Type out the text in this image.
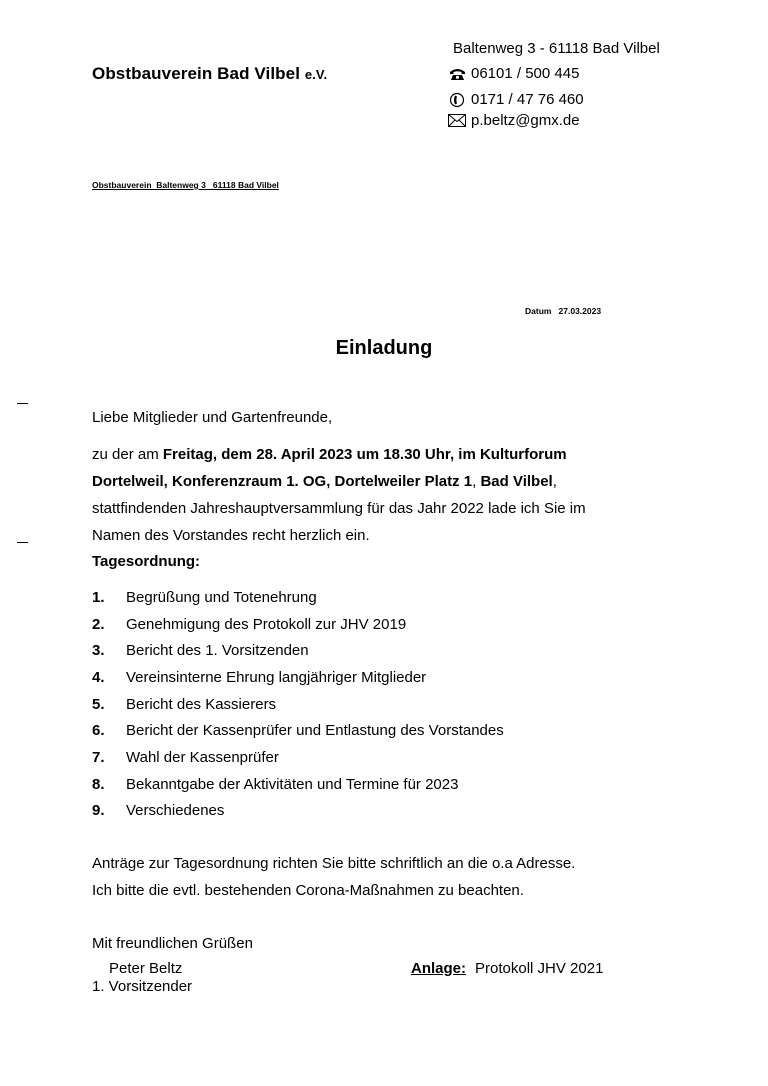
Obstbauverein Bad Vilbel e.V.
Baltenweg 3 - 61118 Bad Vilbel
06101 / 500 445
0171 / 47 76 460
p.beltz@gmx.de
Obstbauverein  Baltenweg 3   61118 Bad Vilbel
Datum   27.03.2023
Einladung
Liebe Mitglieder und Gartenfreunde,
zu der am Freitag, dem 28. April 2023 um 18.30 Uhr, im Kulturforum Dortelweil, Konferenzraum 1. OG, Dortelweiler Platz 1, Bad Vilbel, stattfindenden Jahreshauptversammlung für das Jahr 2022 lade ich Sie im Namen des Vorstandes recht herzlich ein.
Tagesordnung:
1.	Begrüßung und Totenehrung
2.	Genehmigung des Protokoll zur JHV 2019
3.	Bericht des 1. Vorsitzenden
4.	Vereinsinterne Ehrung langjähriger Mitglieder
5.	Bericht des Kassierers
6.	Bericht der Kassenprüfer und Entlastung des Vorstandes
7.	Wahl der Kassenprüfer
8.	Bekanntgabe der Aktivitäten und Termine für 2023
9.	Verschiedenes
Anträge zur Tagesordnung richten Sie bitte schriftlich an die o.a Adresse.
Ich bitte die evtl. bestehenden Corona-Maßnahmen zu beachten.
Mit freundlichen Grüßen
Peter Beltz
1. Vorsitzender
Anlage: Protokoll JHV 2021
